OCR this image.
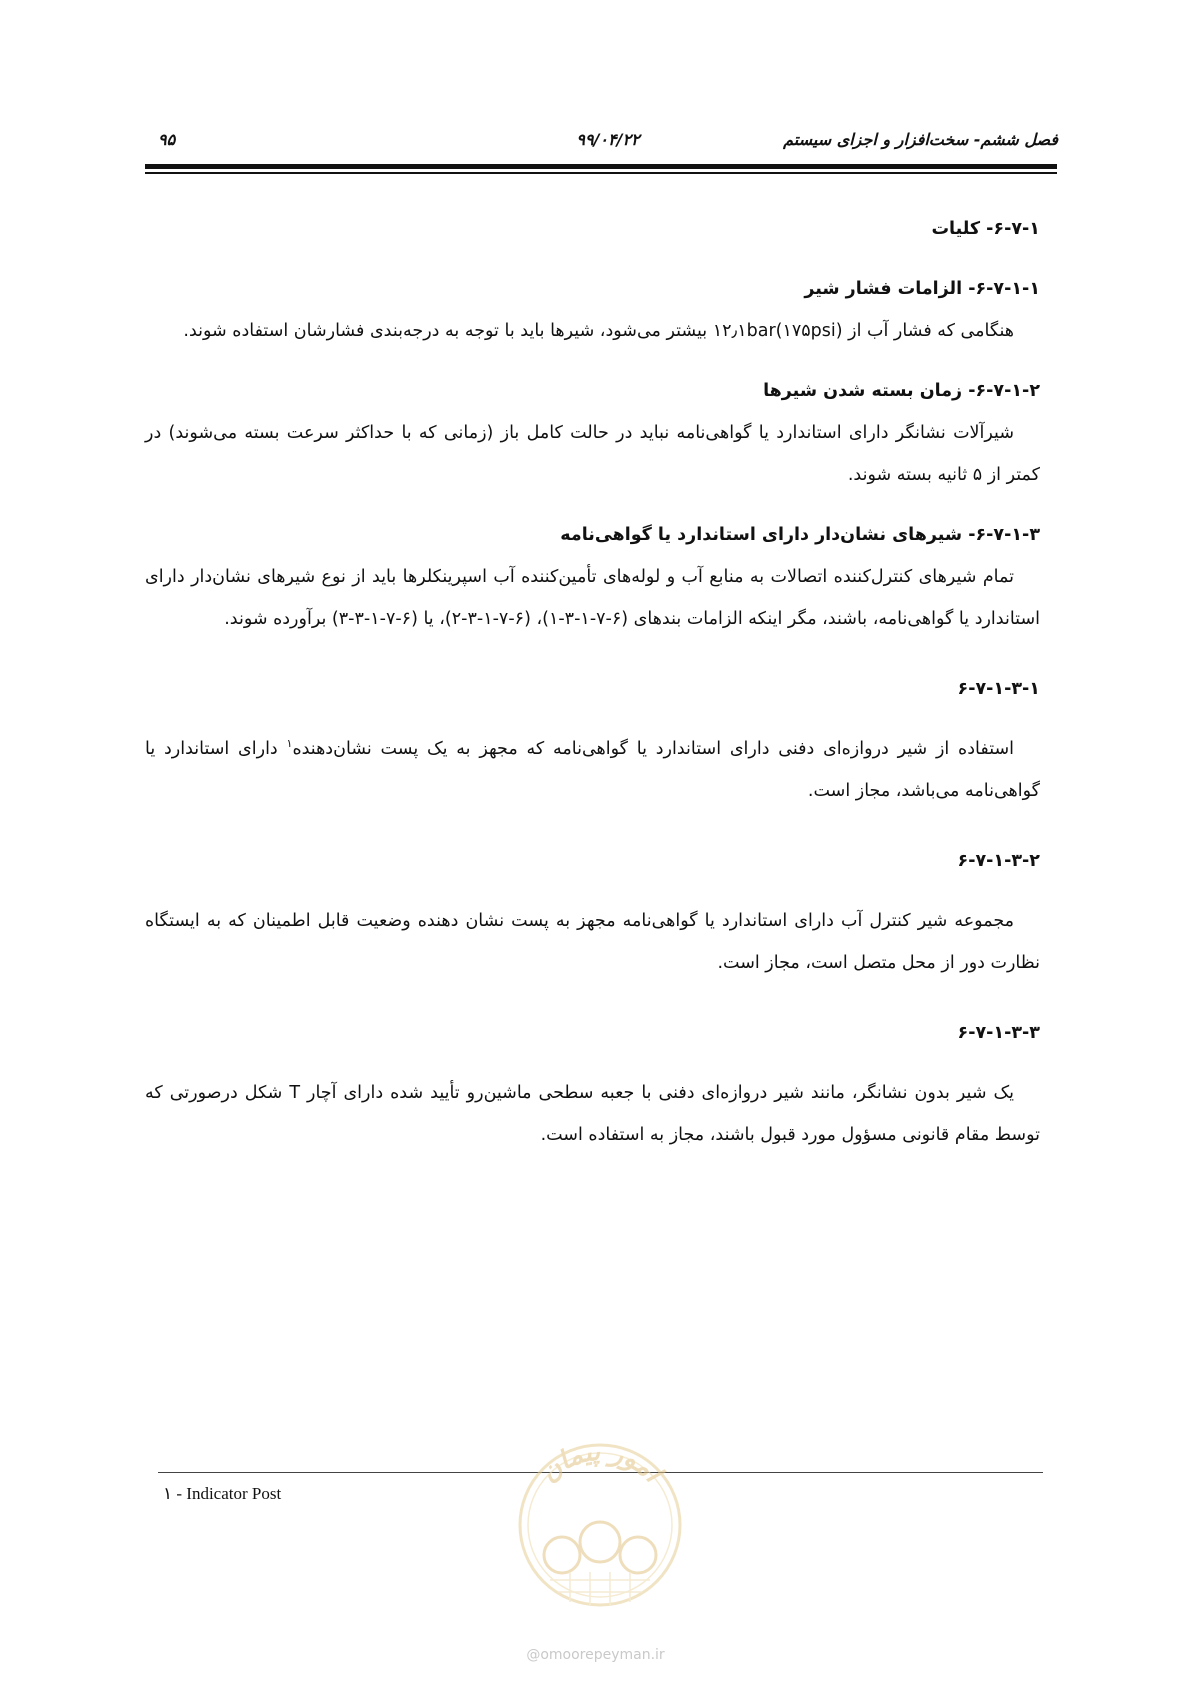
فصل ششم- سخت‌افزار و اجزای سیستم
۹۹/۰۴/۲۲
۹۵

۶-۷-۱- کلیات

۶-۷-۱-۱- الزامات فشار شیر

هنگامی که فشار آب از ۱۲٫۱bar(۱۷۵psi) بیشتر می‌شود، شیرها باید با توجه به درجه‌بندی فشارشان استفاده شوند.

۶-۷-۱-۲- زمان بسته شدن شیرها

شیرآلات نشانگر دارای استاندارد یا گواهی‌نامه نباید در حالت کامل باز (زمانی که با حداکثر سرعت بسته می‌شوند) در کمتر از ۵ ثانیه بسته شوند.

۶-۷-۱-۳- شیرهای نشان‌دار دارای استاندارد یا گواهی‌نامه

تمام شیرهای کنترل‌کننده اتصالات به منابع آب و لوله‌های تأمین‌کننده آب اسپرینکلرها باید از نوع شیرهای نشان‌دار دارای استاندارد یا گواهی‌نامه، باشند، مگر اینکه الزامات بندهای (۶-۷-۱-۳-۱)، (۶-۷-۱-۳-۲)، یا (۶-۷-۱-۳-۳) برآورده شوند.

۶-۷-۱-۳-۱

استفاده از شیر دروازه‌ای دفنی دارای استاندارد یا گواهی‌نامه که مجهز به یک پست نشان‌دهنده$^۱$ دارای استاندارد یا گواهی‌نامه می‌باشد، مجاز است.

۶-۷-۱-۳-۲

مجموعه شیر کنترل آب دارای استاندارد یا گواهی‌نامه مجهز به پست نشان دهنده وضعیت قابل اطمینان که به ایستگاه نظارت دور از محل متصل است، مجاز است.

۶-۷-۱-۳-۳

یک شیر بدون نشانگر، مانند شیر دروازه‌ای دفنی با جعبه سطحی ماشین‌رو تأیید شده دارای آچار T شکل درصورتی که توسط مقام قانونی مسؤول مورد قبول باشند، مجاز به استفاده است.

۱ - Indicator Post
امور پیمان
@omoorepeyman.ir
